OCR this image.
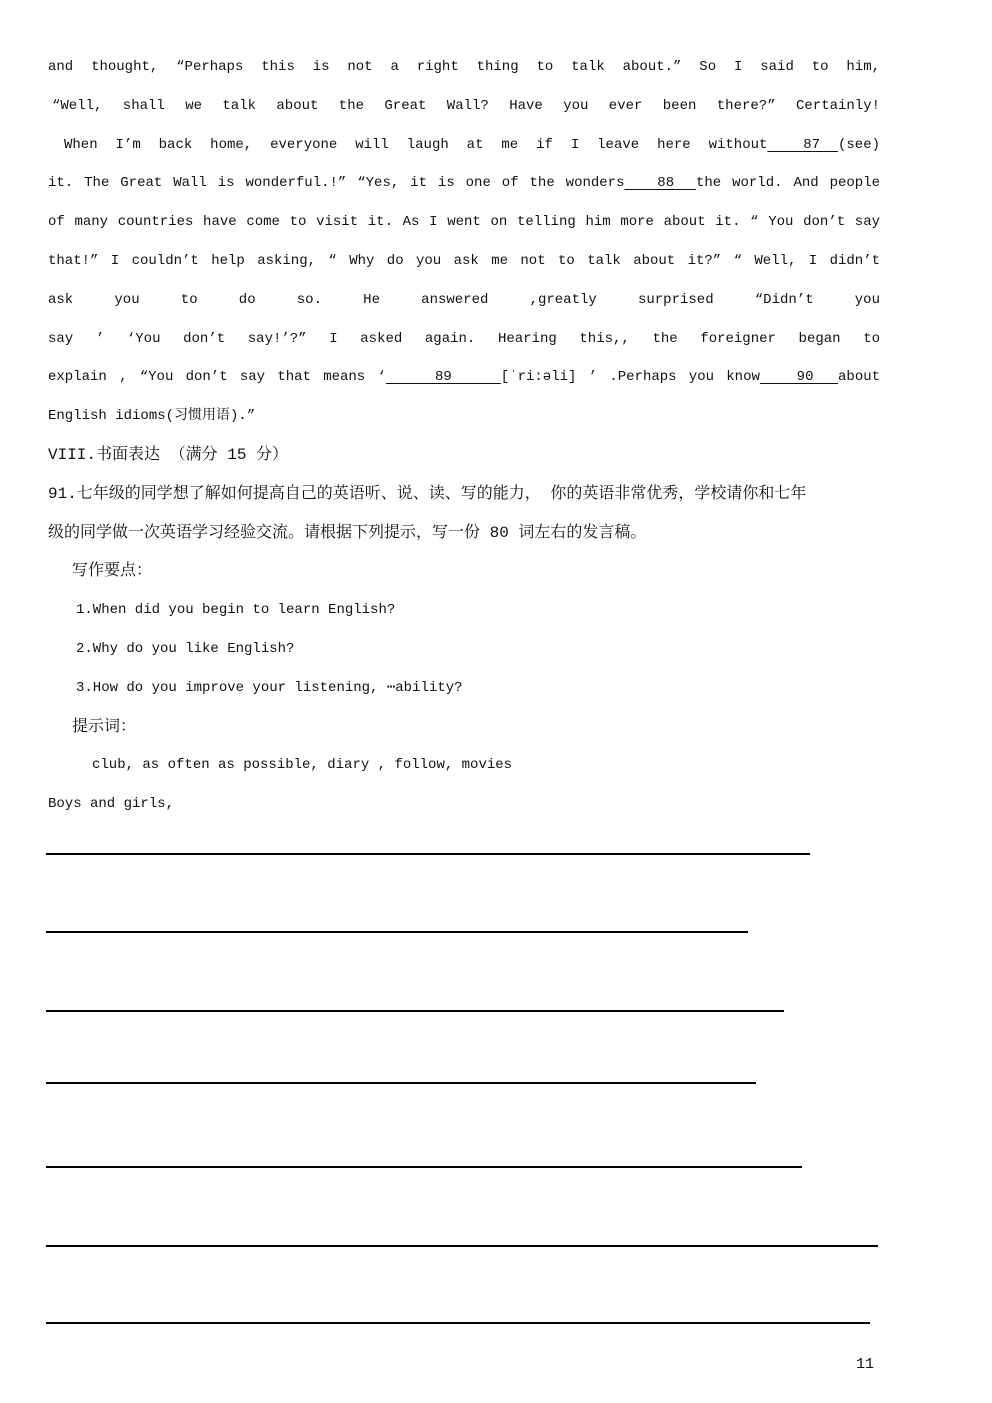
and thought, “Perhaps this is not a right thing to talk about.” So I said to him,
“Well, shall we talk about the Great Wall? Have you ever been there?” Certainly!
When I’m back home, everyone will laugh at me if I leave here without  87 (see)
it. The Great Wall is wonderful.!” “Yes, it is one of the wonders   88  the world. And people
of many countries have come to visit it. As I went on telling him more about it. “ You don’t say
that!” I couldn’t help asking, “ Why do you ask me not to talk about it?” “ Well, I didn’t
ask you to do so. He answered ,greatly surprised “Didn’t you
say ’ ‘You don’t say!’?” I asked again. Hearing this,, the foreigner began to
explain , “You don’t say that means ‘    89    [ˈri:əli] ’ .Perhaps you know   90  about
English idioms(习惯用语).”
VIII.书面表达 （满分 15 分）
91.七年级的同学想了解如何提高自己的英语听、说、读、写的能力， 你的英语非常优秀，学校请你和七年
级的同学做一次英语学习经验交流。请根据下列提示，写一份 80 词左右的发言稿。
写作要点：
1.When did you begin to learn English?
2.Why do you like English?
3.How do you improve your listening, ⋯ability?
提示词：
club, as often as possible, diary , follow, movies
Boys and girls,
11
